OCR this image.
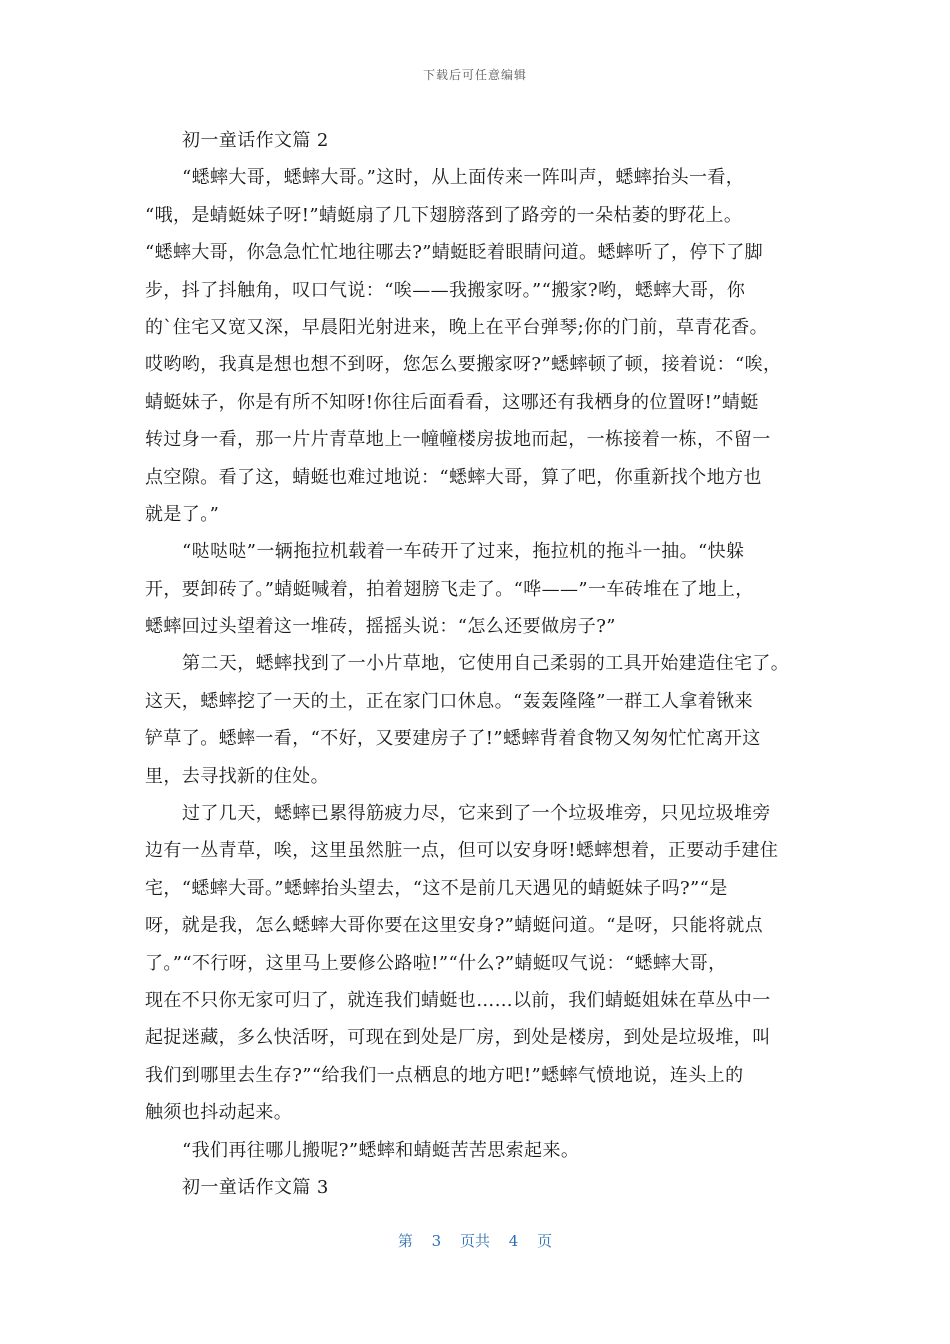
下载后可任意编辑
初一童话作文篇 2
“蟋蟀大哥，蟋蟀大哥。”这时，从上面传来一阵叫声，蟋蟀抬头一看，
“哦，是蜻蜓妹子呀!”蜻蜓扇了几下翅膀落到了路旁的一朵枯萎的野花上。
“蟋蟀大哥，你急急忙忙地往哪去?”蜻蜓眨着眼睛问道。蟋蟀听了，停下了脚
步，抖了抖触角，叹口气说：“唉——我搬家呀。”“搬家?哟，蟋蟀大哥，你
的`住宅又宽又深，早晨阳光射进来，晚上在平台弹琴;你的门前，草青花香。
哎哟哟，我真是想也想不到呀，您怎么要搬家呀?”蟋蟀顿了顿，接着说：“唉，
蜻蜓妹子，你是有所不知呀!你往后面看看，这哪还有我栖身的位置呀!”蜻蜓
转过身一看，那一片片青草地上一幢幢楼房拔地而起，一栋接着一栋，不留一
点空隙。看了这，蜻蜓也难过地说：“蟋蟀大哥，算了吧，你重新找个地方也
就是了。”
“哒哒哒”一辆拖拉机载着一车砖开了过来，拖拉机的拖斗一抽。“快躲
开，要卸砖了。”蜻蜓喊着，拍着翅膀飞走了。“哗——”一车砖堆在了地上，
蟋蟀回过头望着这一堆砖，摇摇头说：“怎么还要做房子?”
第二天，蟋蟀找到了一小片草地，它使用自己柔弱的工具开始建造住宅了。
这天，蟋蟀挖了一天的土，正在家门口休息。“轰轰隆隆”一群工人拿着锹来
铲草了。蟋蟀一看，“不好，又要建房子了!”蟋蟀背着食物又匆匆忙忙离开这
里，去寻找新的住处。
过了几天，蟋蟀已累得筋疲力尽，它来到了一个垃圾堆旁，只见垃圾堆旁
边有一丛青草，唉，这里虽然脏一点，但可以安身呀!蟋蟀想着，正要动手建住
宅，“蟋蟀大哥。”蟋蟀抬头望去，“这不是前几天遇见的蜻蜓妹子吗?”“是
呀，就是我，怎么蟋蟀大哥你要在这里安身?”蜻蜓问道。“是呀，只能将就点
了。”“不行呀，这里马上要修公路啦!”“什么?”蜻蜓叹气说：“蟋蟀大哥，
现在不只你无家可归了，就连我们蜻蜓也……以前，我们蜻蜓姐妹在草丛中一
起捉迷藏，多么快活呀，可现在到处是厂房，到处是楼房，到处是垃圾堆，叫
我们到哪里去生存?”“给我们一点栖息的地方吧!”蟋蟀气愤地说，连头上的
触须也抖动起来。
“我们再往哪儿搬呢?”蟋蟀和蜻蜓苦苦思索起来。
初一童话作文篇 3
第 3 页共 4 页
